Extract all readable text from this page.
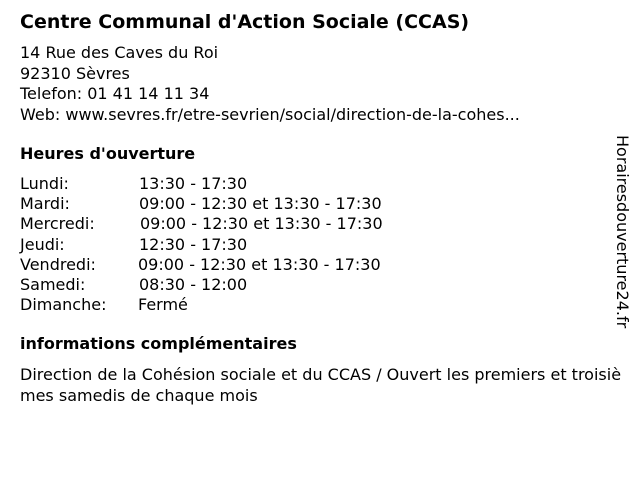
Centre Communal d'Action Sociale (CCAS)
14 Rue des Caves du Roi
92310 Sèvres
Telefon: 01 41 14 11 34
Web: www.sevres.fr/etre-sevrien/social/direction-de-la-cohes...
Heures d'ouverture
Lundi:	13:30 - 17:30
Mardi:	09:00 - 12:30 et 13:30 - 17:30
Mercredi:	09:00 - 12:30 et 13:30 - 17:30
Jeudi:	12:30 - 17:30
Vendredi:	09:00 - 12:30 et 13:30 - 17:30
Samedi:	08:30 - 12:00
Dimanche: Fermé
informations complémentaires
Direction de la Cohésion sociale et du CCAS / Ouvert les premiers et troisièmes samedis de chaque mois
Horairesdouverture24.fr
